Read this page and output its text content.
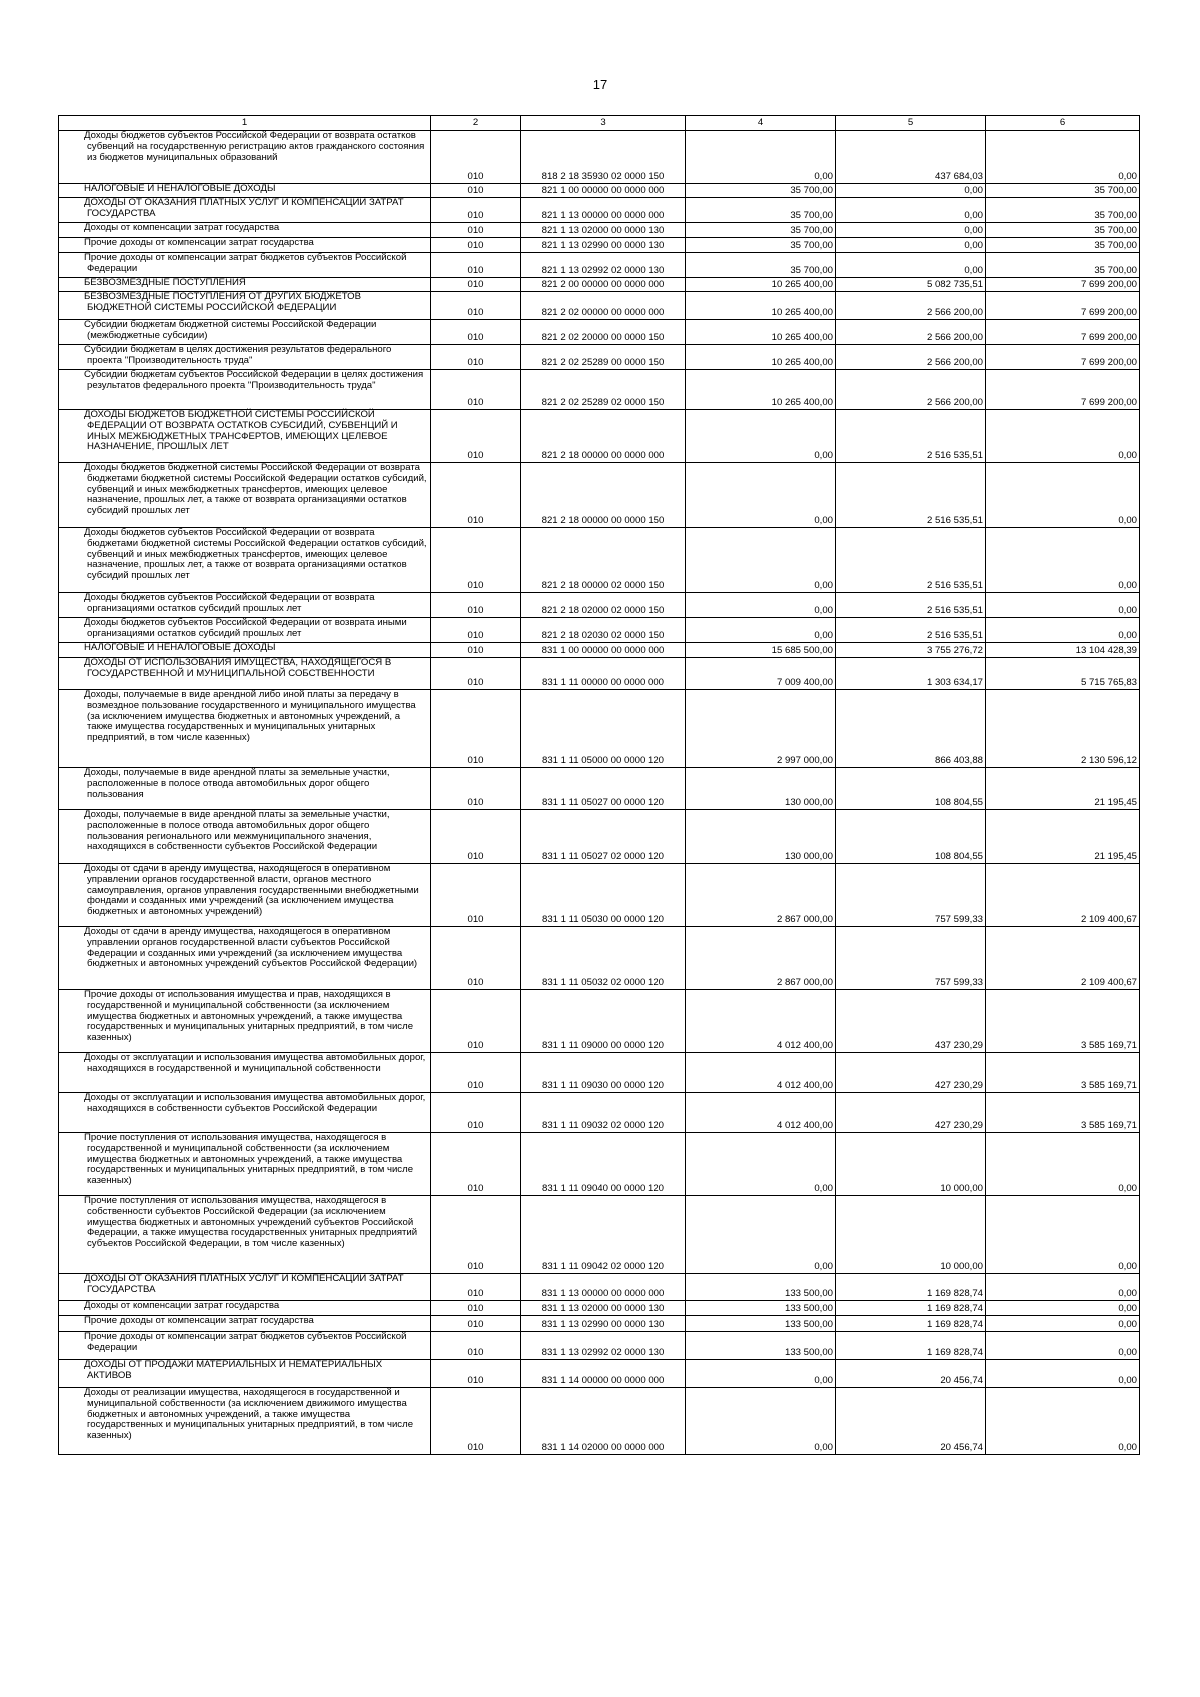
17
1	2	3	4	5	6
Доходы бюджетов субъектов Российской Федерации от возврата остатков субвенций на государственную регистрацию актов гражданского состояния из бюджетов муниципальных образований	010	818 2 18 35930 02 0000 150	0,00	437 684,03	0,00
НАЛОГОВЫЕ И НЕНАЛОГОВЫЕ ДОХОДЫ	010	821 1 00 00000 00 0000 000	35 700,00	0,00	35 700,00
ДОХОДЫ ОТ ОКАЗАНИЯ ПЛАТНЫХ УСЛУГ И КОМПЕНСАЦИИ ЗАТРАТ ГОСУДАРСТВА	010	821 1 13 00000 00 0000 000	35 700,00	0,00	35 700,00
Доходы от компенсации затрат государства	010	821 1 13 02000 00 0000 130	35 700,00	0,00	35 700,00
Прочие доходы от компенсации затрат государства	010	821 1 13 02990 00 0000 130	35 700,00	0,00	35 700,00
Прочие доходы от компенсации затрат бюджетов субъектов Российской Федерации	010	821 1 13 02992 02 0000 130	35 700,00	0,00	35 700,00
БЕЗВОЗМЕЗДНЫЕ ПОСТУПЛЕНИЯ	010	821 2 00 00000 00 0000 000	10 265 400,00	5 082 735,51	7 699 200,00
БЕЗВОЗМЕЗДНЫЕ ПОСТУПЛЕНИЯ ОТ ДРУГИХ БЮДЖЕТОВ БЮДЖЕТНОЙ СИСТЕМЫ РОССИЙСКОЙ ФЕДЕРАЦИИ	010	821 2 02 00000 00 0000 000	10 265 400,00	2 566 200,00	7 699 200,00
Субсидии бюджетам бюджетной системы Российской Федерации (межбюджетные субсидии)	010	821 2 02 20000 00 0000 150	10 265 400,00	2 566 200,00	7 699 200,00
Субсидии бюджетам в целях достижения результатов федерального проекта "Производительность труда"	010	821 2 02 25289 00 0000 150	10 265 400,00	2 566 200,00	7 699 200,00
Субсидии бюджетам субъектов Российской Федерации в целях достижения результатов федерального проекта "Производительность труда"	010	821 2 02 25289 02 0000 150	10 265 400,00	2 566 200,00	7 699 200,00
ДОХОДЫ БЮДЖЕТОВ БЮДЖЕТНОЙ СИСТЕМЫ РОССИЙСКОЙ ФЕДЕРАЦИИ ОТ ВОЗВРАТА ОСТАТКОВ СУБСИДИЙ, СУБВЕНЦИЙ И ИНЫХ МЕЖБЮДЖЕТНЫХ ТРАНСФЕРТОВ, ИМЕЮЩИХ ЦЕЛЕВОЕ НАЗНАЧЕНИЕ, ПРОШЛЫХ ЛЕТ	010	821 2 18 00000 00 0000 000	0,00	2 516 535,51	0,00
Доходы бюджетов бюджетной системы Российской Федерации от возврата бюджетами бюджетной системы Российской Федерации остатков субсидий, субвенций и иных межбюджетных трансфертов, имеющих целевое назначение, прошлых лет, а также от возврата организациями остатков субсидий прошлых лет	010	821 2 18 00000 00 0000 150	0,00	2 516 535,51	0,00
Доходы бюджетов субъектов Российской Федерации от возврата бюджетами бюджетной системы Российской Федерации остатков субсидий, субвенций и иных межбюджетных трансфертов, имеющих целевое назначение, прошлых лет, а также от возврата организациями остатков субсидий прошлых лет	010	821 2 18 00000 02 0000 150	0,00	2 516 535,51	0,00
Доходы бюджетов субъектов Российской Федерации от возврата организациями остатков субсидий прошлых лет	010	821 2 18 02000 02 0000 150	0,00	2 516 535,51	0,00
Доходы бюджетов субъектов Российской Федерации от возврата иными организациями остатков субсидий прошлых лет	010	821 2 18 02030 02 0000 150	0,00	2 516 535,51	0,00
НАЛОГОВЫЕ И НЕНАЛОГОВЫЕ ДОХОДЫ	010	831 1 00 00000 00 0000 000	15 685 500,00	3 755 276,72	13 104 428,39
ДОХОДЫ ОТ ИСПОЛЬЗОВАНИЯ ИМУЩЕСТВА, НАХОДЯЩЕГОСЯ В ГОСУДАРСТВЕННОЙ И МУНИЦИПАЛЬНОЙ СОБСТВЕННОСТИ	010	831 1 11 00000 00 0000 000	7 009 400,00	1 303 634,17	5 715 765,83
Доходы, получаемые в виде арендной либо иной платы за передачу в возмездное пользование государственного и муниципального имущества (за исключением имущества бюджетных и автономных учреждений, а также имущества государственных и муниципальных унитарных предприятий, в том числе казенных)	010	831 1 11 05000 00 0000 120	2 997 000,00	866 403,88	2 130 596,12
Доходы, получаемые в виде арендной платы за земельные участки, расположенные в полосе отвода автомобильных дорог общего пользования	010	831 1 11 05027 00 0000 120	130 000,00	108 804,55	21 195,45
Доходы, получаемые в виде арендной платы за земельные участки, расположенные в полосе отвода автомобильных дорог общего пользования регионального или межмуниципального значения, находящихся в собственности субъектов Российской Федерации	010	831 1 11 05027 02 0000 120	130 000,00	108 804,55	21 195,45
Доходы от сдачи в аренду имущества, находящегося в оперативном управлении органов государственной власти, органов местного самоуправления, органов управления государственными внебюджетными фондами и созданных ими учреждений (за исключением имущества бюджетных и автономных учреждений)	010	831 1 11 05030 00 0000 120	2 867 000,00	757 599,33	2 109 400,67
Доходы от сдачи в аренду имущества, находящегося в оперативном управлении органов государственной власти субъектов Российской Федерации и созданных ими учреждений (за исключением имущества бюджетных и автономных учреждений субъектов Российской Федерации)	010	831 1 11 05032 02 0000 120	2 867 000,00	757 599,33	2 109 400,67
Прочие доходы от использования имущества и прав, находящихся в государственной и муниципальной собственности (за исключением имущества бюджетных и автономных учреждений, а также имущества государственных и муниципальных унитарных предприятий, в том числе казенных)	010	831 1 11 09000 00 0000 120	4 012 400,00	437 230,29	3 585 169,71
Доходы от эксплуатации и использования имущества автомобильных дорог, находящихся в государственной и муниципальной собственности	010	831 1 11 09030 00 0000 120	4 012 400,00	427 230,29	3 585 169,71
Доходы от эксплуатации и использования имущества автомобильных дорог, находящихся в собственности субъектов Российской Федерации	010	831 1 11 09032 02 0000 120	4 012 400,00	427 230,29	3 585 169,71
Прочие поступления от использования имущества, находящегося в государственной и муниципальной собственности (за исключением имущества бюджетных и автономных учреждений, а также имущества государственных и муниципальных унитарных предприятий, в том числе казенных)	010	831 1 11 09040 00 0000 120	0,00	10 000,00	0,00
Прочие поступления от использования имущества, находящегося в собственности субъектов Российской Федерации (за исключением имущества бюджетных и автономных учреждений субъектов Российской Федерации, а также имущества государственных унитарных предприятий субъектов Российской Федерации, в том числе казенных)	010	831 1 11 09042 02 0000 120	0,00	10 000,00	0,00
ДОХОДЫ ОТ ОКАЗАНИЯ ПЛАТНЫХ УСЛУГ И КОМПЕНСАЦИИ ЗАТРАТ ГОСУДАРСТВА	010	831 1 13 00000 00 0000 000	133 500,00	1 169 828,74	0,00
Доходы от компенсации затрат государства	010	831 1 13 02000 00 0000 130	133 500,00	1 169 828,74	0,00
Прочие доходы от компенсации затрат государства	010	831 1 13 02990 00 0000 130	133 500,00	1 169 828,74	0,00
Прочие доходы от компенсации затрат бюджетов субъектов Российской Федерации	010	831 1 13 02992 02 0000 130	133 500,00	1 169 828,74	0,00
ДОХОДЫ ОТ ПРОДАЖИ МАТЕРИАЛЬНЫХ И НЕМАТЕРИАЛЬНЫХ АКТИВОВ	010	831 1 14 00000 00 0000 000	0,00	20 456,74	0,00
Доходы от реализации имущества, находящегося в государственной и муниципальной собственности (за исключением движимого имущества бюджетных и автономных учреждений, а также имущества государственных и муниципальных унитарных предприятий, в том числе казенных)	010	831 1 14 02000 00 0000 000	0,00	20 456,74	0,00
